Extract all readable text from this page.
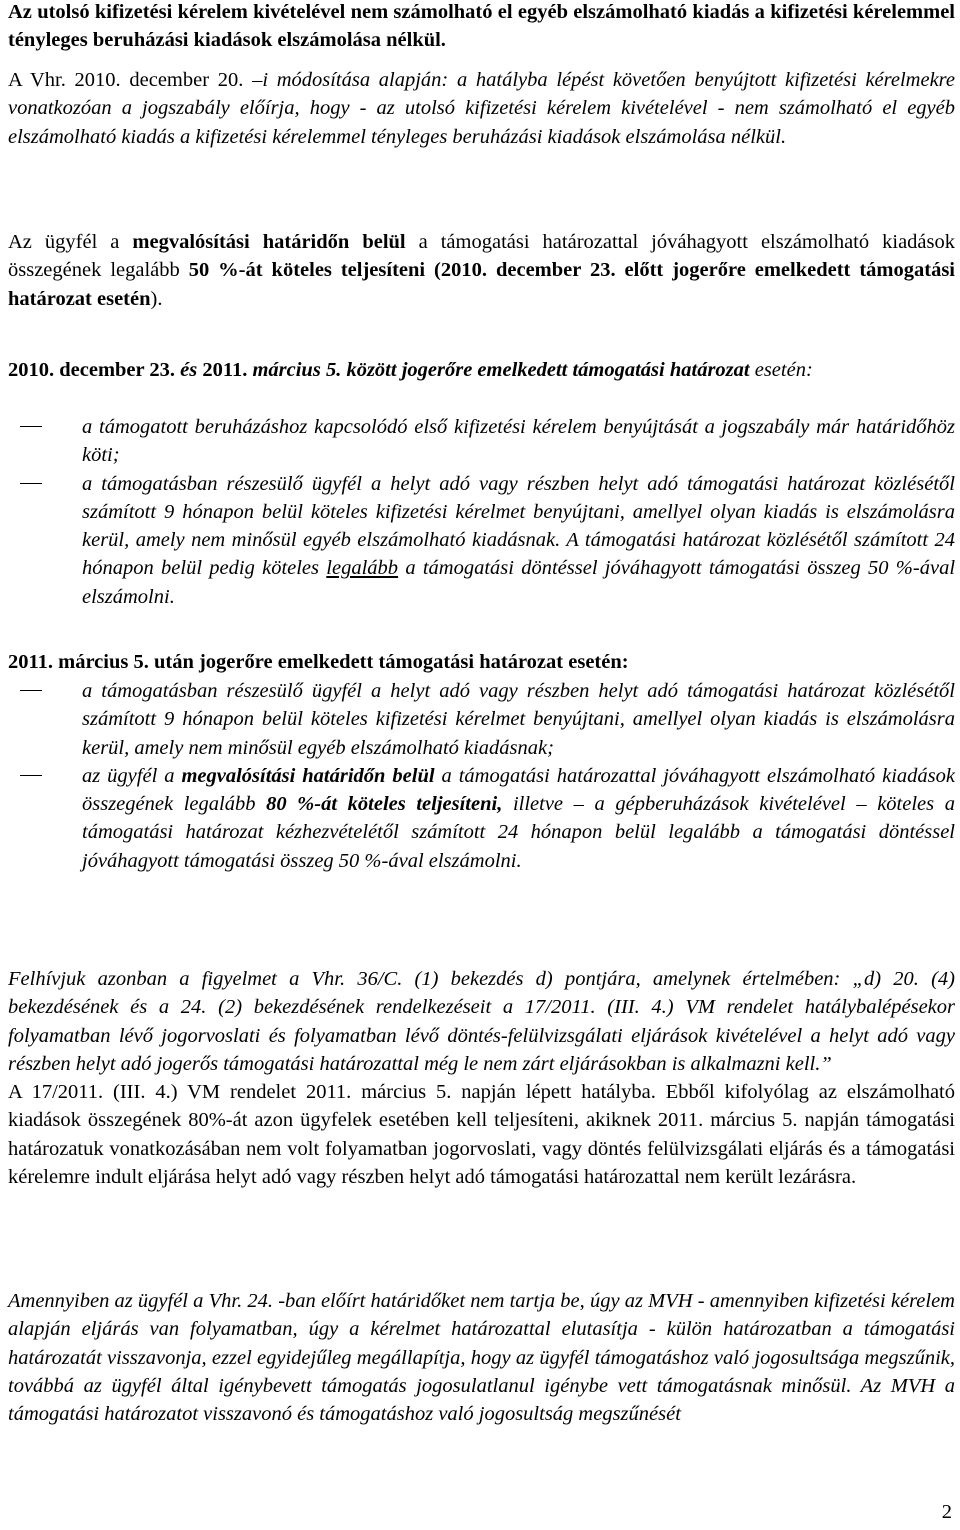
Az utolsó kifizetési kérelem kivételével nem számolható el egyéb elszámolható kiadás a kifizetési kérelemmel tényleges beruházási kiadások elszámolása nélkül.

A Vhr. 2010. december 20. –i módosítása alapján: a hatályba lépést követően benyújtott kifizetési kérelmekre vonatkozóan a jogszabály előírja, hogy - az utolsó kifizetési kérelem kivételével - nem számolható el egyéb elszámolható kiadás a kifizetési kérelemmel tényleges beruházási kiadások elszámolása nélkül.

Az ügyfél a megvalósítási határidőn belül a támogatási határozattal jóváhagyott elszámolható kiadások összegének legalább 50 %-át köteles teljesíteni (2010. december 23. előtt jogerőre emelkedett támogatási határozat esetén).

2010. december 23. és 2011. március 5. között jogerőre emelkedett támogatási határozat esetén:

a támogatott beruházáshoz kapcsolódó első kifizetési kérelem benyújtását a jogszabály már határidőhöz köti;
a támogatásban részesülő ügyfél a helyt adó vagy részben helyt adó támogatási határozat közlésétől számított 9 hónapon belül köteles kifizetési kérelmet benyújtani, amellyel olyan kiadás is elszámolásra kerül, amely nem minősül egyéb elszámolható kiadásnak. A támogatási határozat közlésétől számított 24 hónapon belül pedig köteles legalább a támogatási döntéssel jóváhagyott támogatási összeg 50 %-ával elszámolni.

2011. március 5. után jogerőre emelkedett támogatási határozat esetén:

a támogatásban részesülő ügyfél a helyt adó vagy részben helyt adó támogatási határozat közlésétől számított 9 hónapon belül köteles kifizetési kérelmet benyújtani, amellyel olyan kiadás is elszámolásra kerül, amely nem minősül egyéb elszámolható kiadásnak;
az ügyfél a megvalósítási határidőn belül a támogatási határozattal jóváhagyott elszámolható kiadások összegének legalább 80 %-át köteles teljesíteni, illetve – a gépberuházások kivételével – köteles a támogatási határozat kézhezvételétől számított 24 hónapon belül legalább a támogatási döntéssel jóváhagyott támogatási összeg 50 %-ával elszámolni.

Felhívjuk azonban a figyelmet a Vhr. 36/C. (1) bekezdés d) pontjára, amelynek értelmében: „d) 20. (4) bekezdésének és a 24. (2) bekezdésének rendelkezéseit a 17/2011. (III. 4.) VM rendelet hatálybalépésekor folyamatban lévő jogorvoslati és folyamatban lévő döntés-felülvizsgálati eljárások kivételével a helyt adó vagy részben helyt adó jogerős támogatási határozattal még le nem zárt eljárásokban is alkalmazni kell.”
A 17/2011. (III. 4.) VM rendelet 2011. március 5. napján lépett hatályba. Ebből kifolyólag az elszámolható kiadások összegének 80%-át azon ügyfelek esetében kell teljesíteni, akiknek 2011. március 5. napján támogatási határozatuk vonatkozásában nem volt folyamatban jogorvoslati, vagy döntés felülvizsgálati eljárás és a támogatási kérelemre indult eljárása helyt adó vagy részben helyt adó támogatási határozattal nem került lezárásra.

Amennyiben az ügyfél a Vhr. 24. -ban előírt határidőket nem tartja be, úgy az MVH - amennyiben kifizetési kérelem alapján eljárás van folyamatban, úgy a kérelmet határozattal elutasítja - külön határozatban a támogatási határozatát visszavonja, ezzel egyidejűleg megállapítja, hogy az ügyfél támogatáshoz való jogosultsága megszűnik, továbbá az ügyfél által igénybevett támogatás jogosulatlanul igénybe vett támogatásnak minősül. Az MVH a támogatási határozatot visszavonó és támogatáshoz való jogosultság megszűnését

2
